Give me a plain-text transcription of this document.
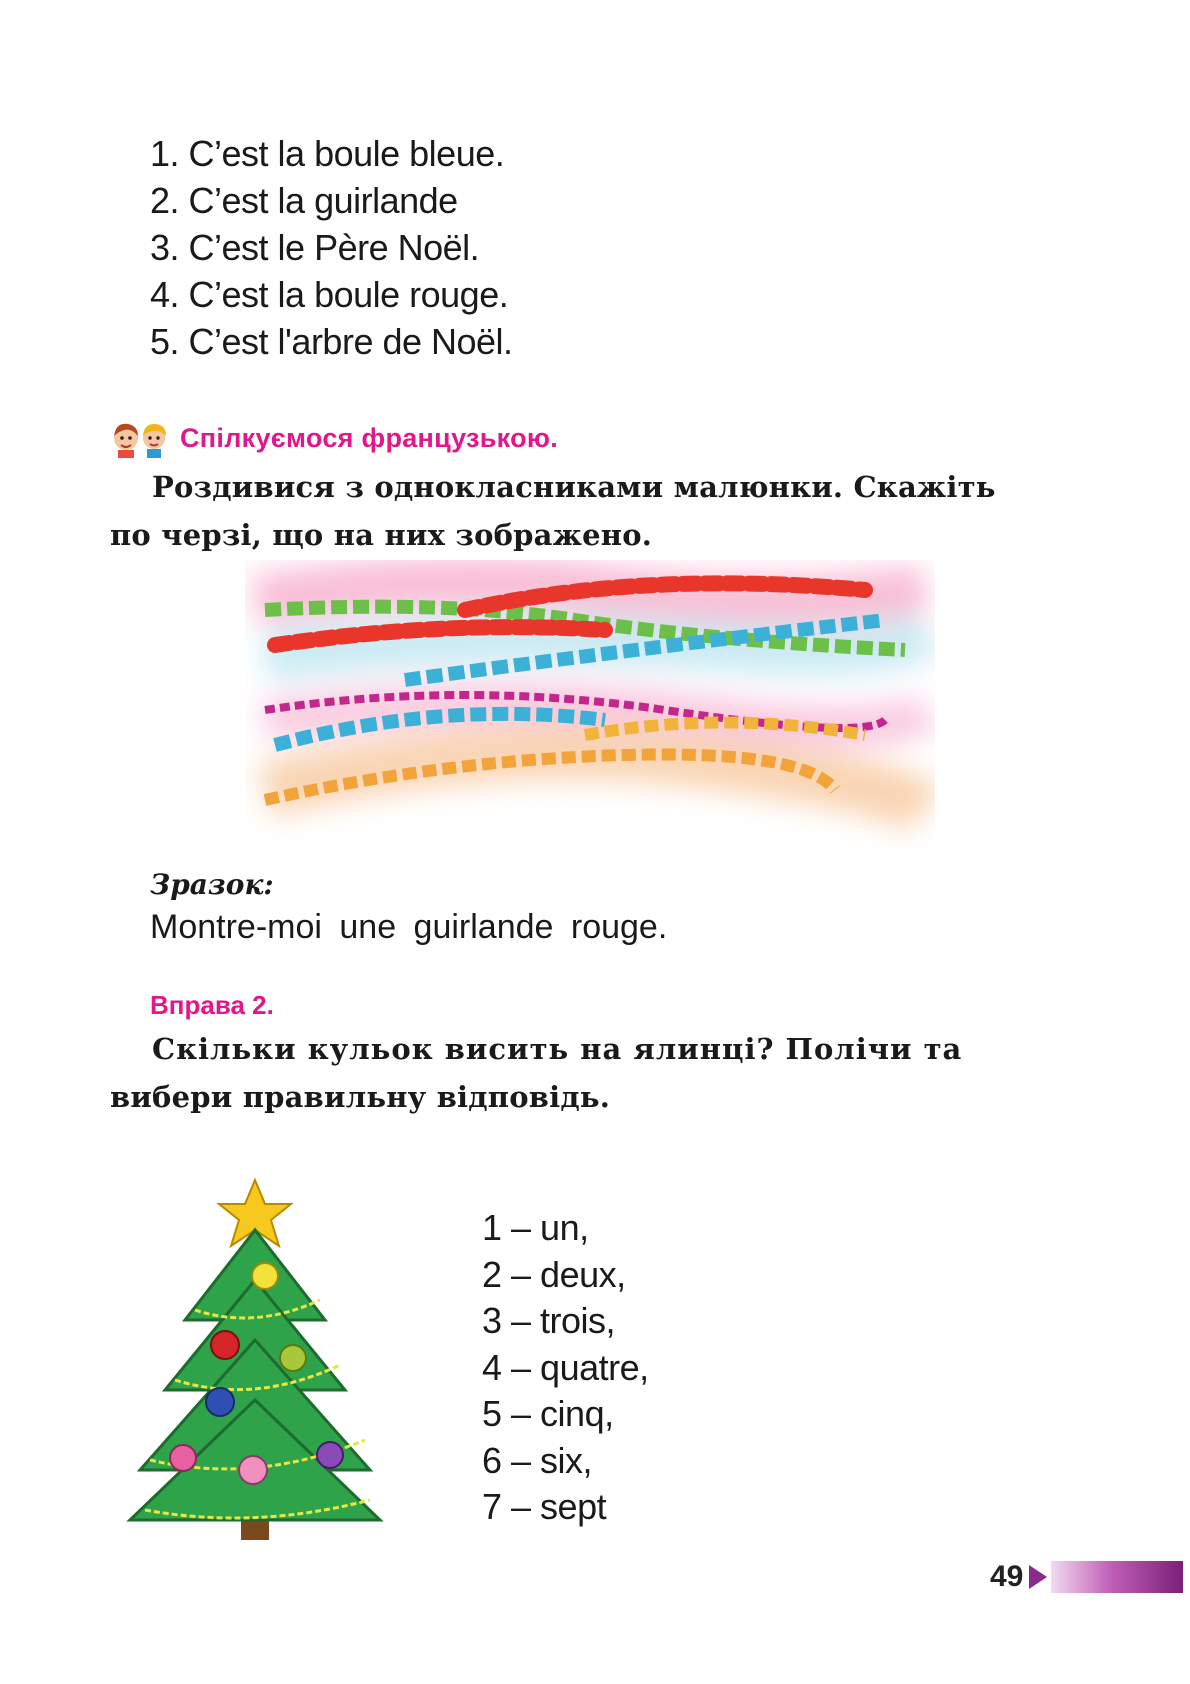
1. C’est la boule bleue.
2. C’est la guirlande
3. C’est le Père Noël.
4. C’est la boule rouge.
5. C’est l'arbre de Noël.
Спілкуємося французькою.
Роздивися з однокласниками малюнки. Скажіть
по черзі, що на них зображено.
Зразок:
Montre-moi une guirlande rouge.
Вправа 2.
Скільки кульок висить на ялинці? Полічи та
вибери правильну відповідь.
1 – un,
2 – deux,
3 – trois,
4 – quatre,
5 – cinq,
6 – six,
7 – sept
49
